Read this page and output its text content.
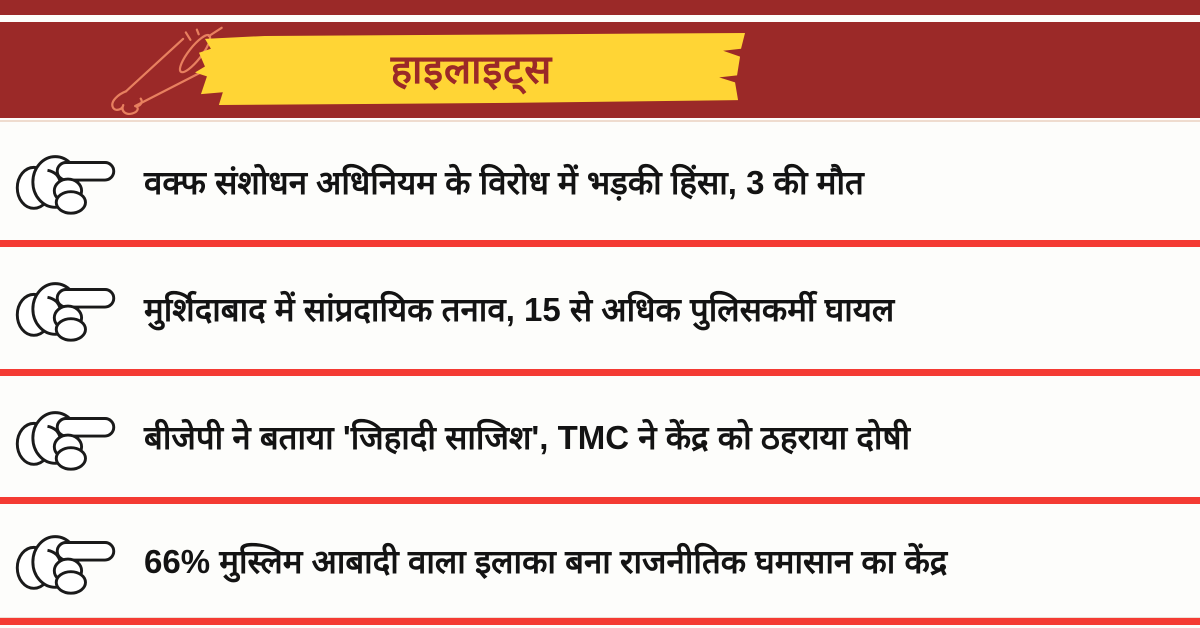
हाइलाइट्स
वक्फ संशोधन अधिनियम के विरोध में भड़की हिंसा, 3 की मौत
मुर्शिदाबाद में सांप्रदायिक तनाव, 15 से अधिक पुलिसकर्मी घायल
बीजेपी ने बताया 'जिहादी साजिश', TMC ने केंद्र को ठहराया दोषी
66% मुस्लिम आबादी वाला इलाका बना राजनीतिक घमासान का केंद्र
